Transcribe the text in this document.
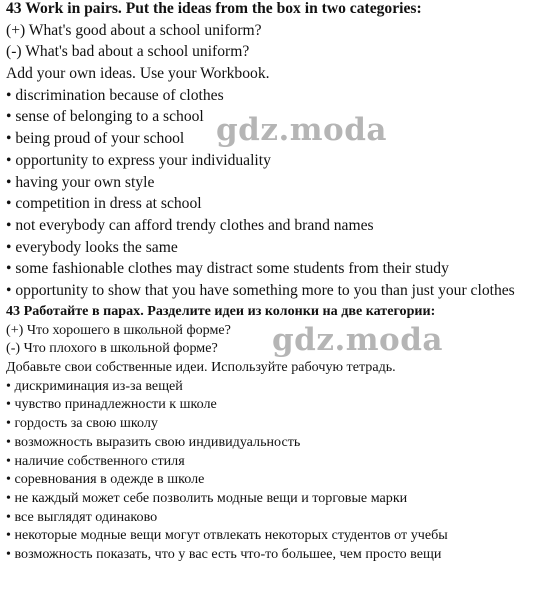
43 Work in pairs. Put the ideas from the box in two categories:
(+) What's good about a school uniform?
(-) What's bad about a school uniform?
Add your own ideas. Use your Workbook.
• discrimination because of clothes
• sense of belonging to a school
• being proud of your school
• opportunity to express your individuality
• having your own style
• competition in dress at school
• not everybody can afford trendy clothes and brand names
• everybody looks the same
• some fashionable clothes may distract some students from their study
• opportunity to show that you have something more to you than just your clothes
43 Работайте в парах. Разделите идеи из колонки на две категории:
(+) Что хорошего в школьной форме?
(-) Что плохого в школьной форме?
Добавьте свои собственные идеи. Используйте рабочую тетрадь.
• дискриминация из-за вещей
• чувство принадлежности к школе
• гордость за свою школу
• возможность выразить свою индивидуальность
• наличие собственного стиля
• соревнования в одежде в школе
• не каждый может себе позволить модные вещи и торговые марки
• все выглядят одинаково
• некоторые модные вещи могут отвлекать некоторых студентов от учебы
• возможность показать, что у вас есть что-то большее, чем просто вещи
gdz.moda
gdz.moda
